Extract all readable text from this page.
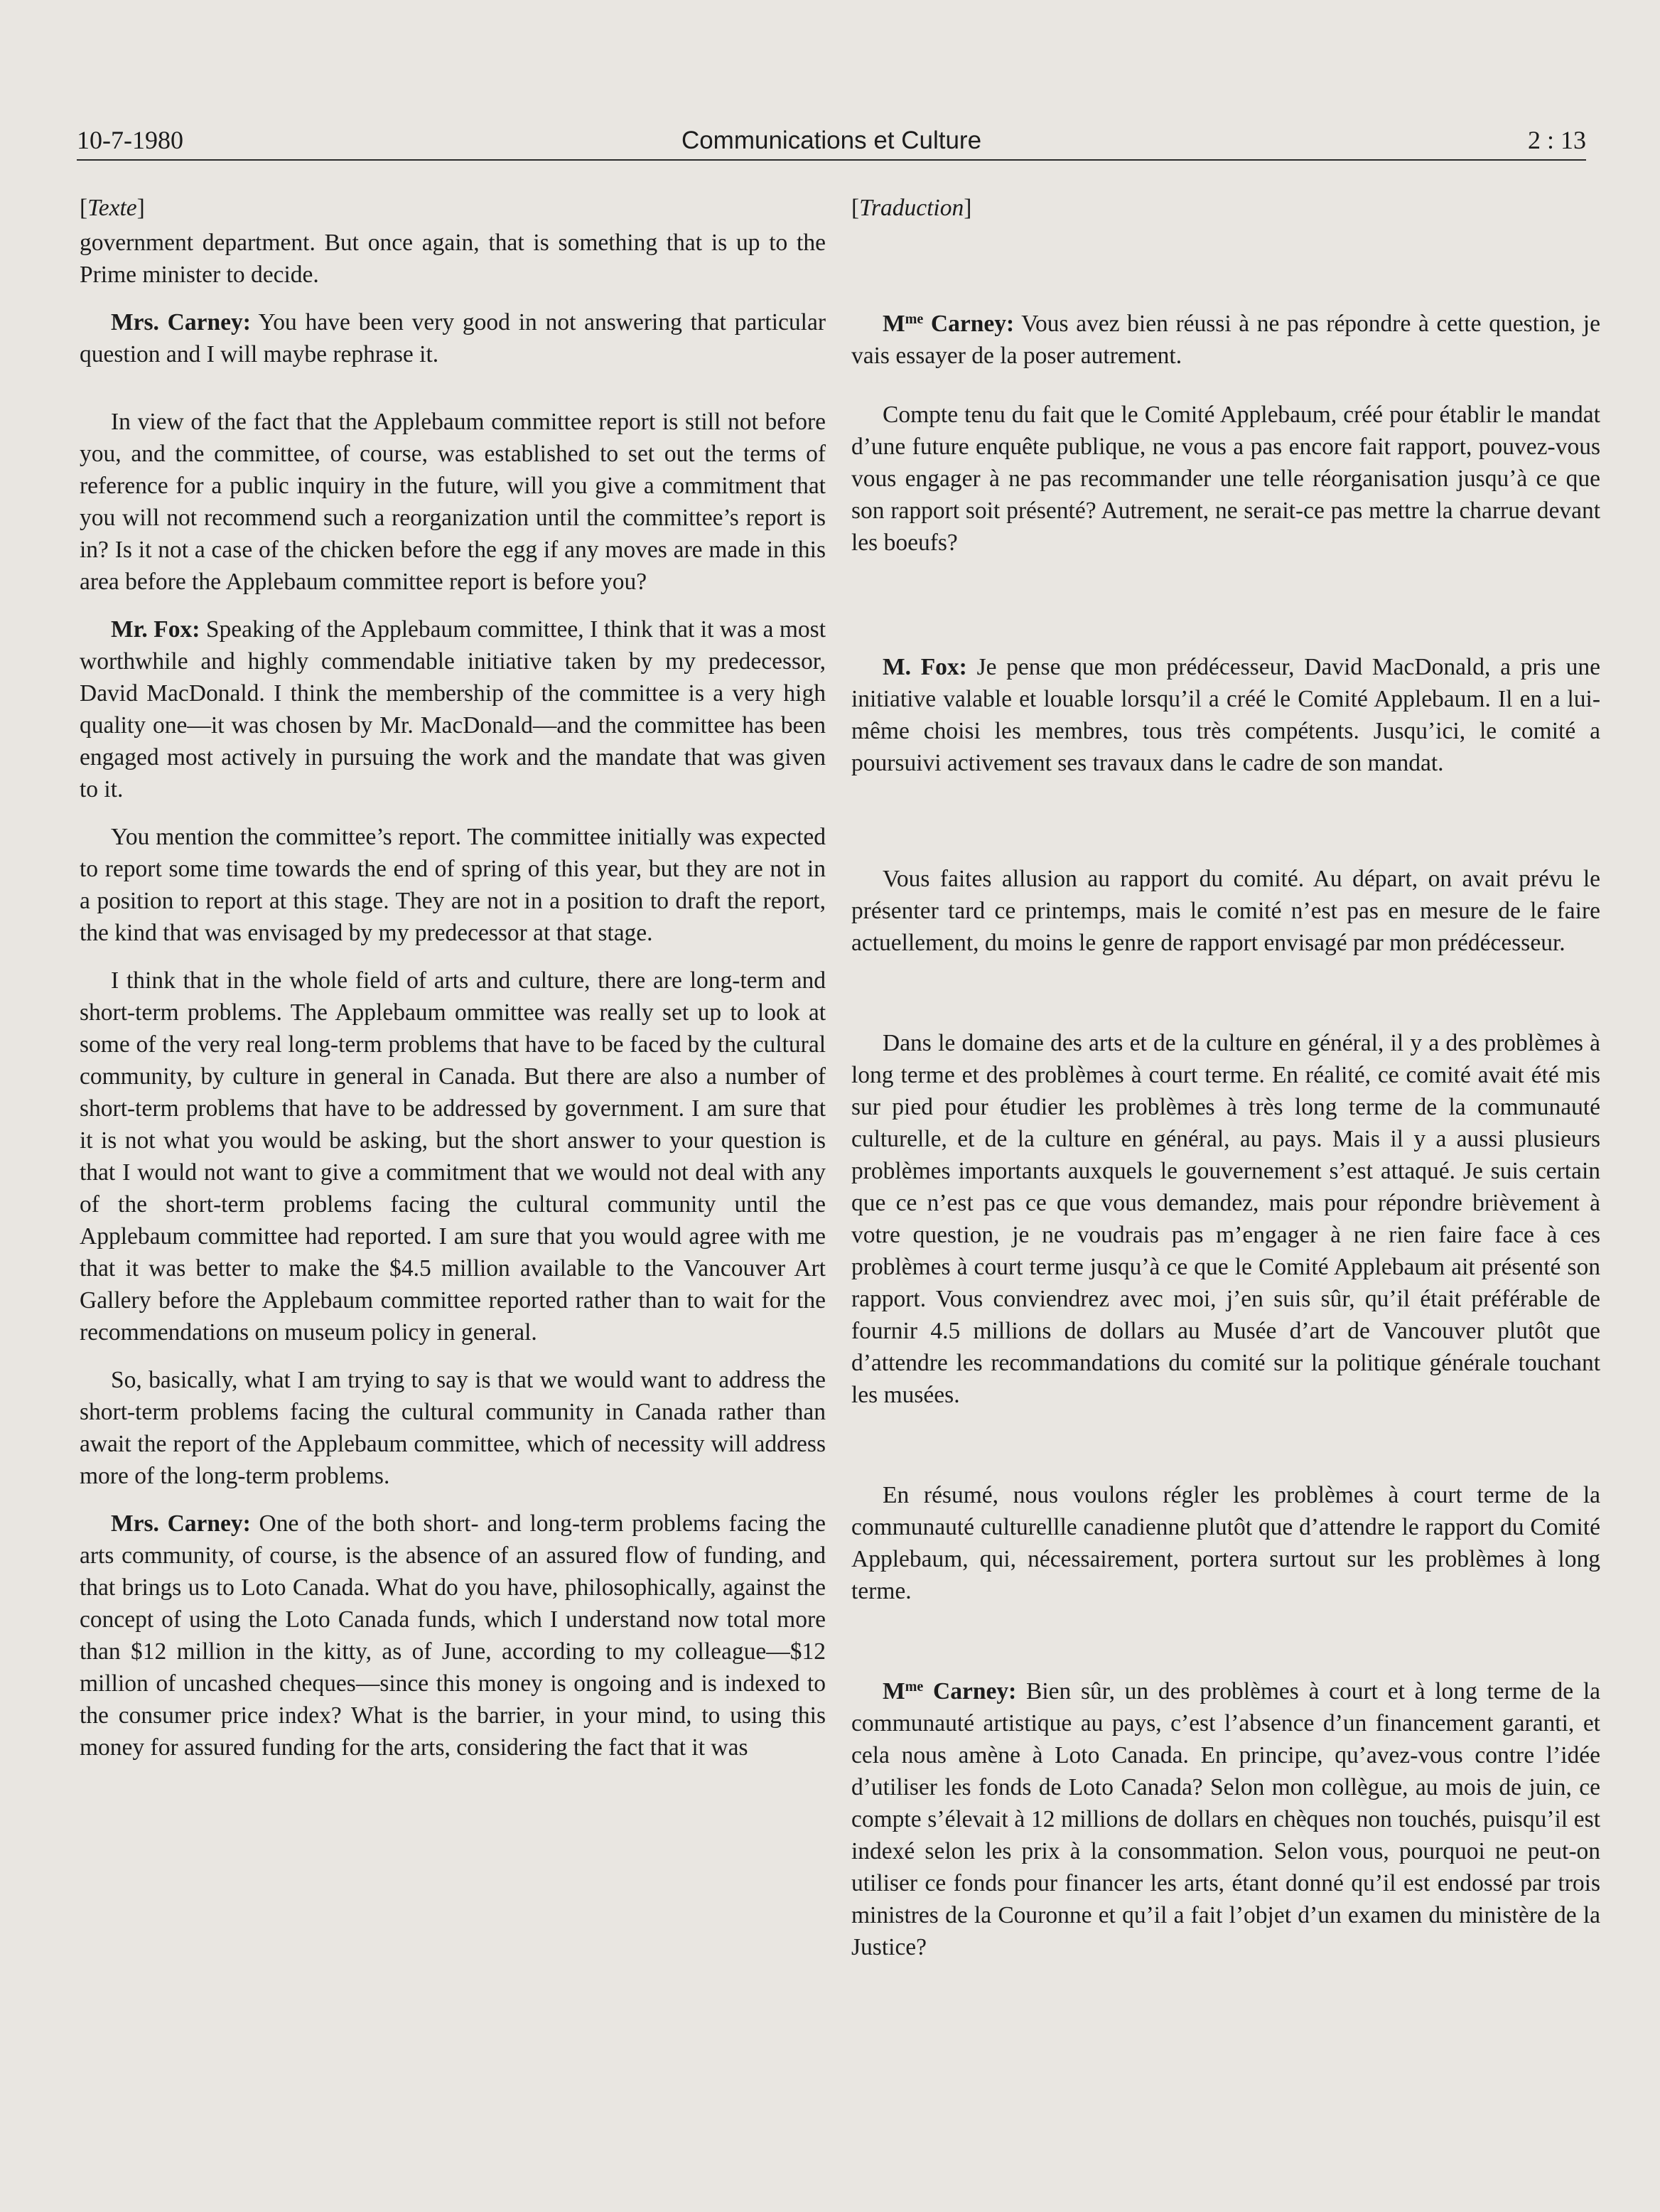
10-7-1980	Communications et Culture	2 : 13

[Texte]

government department. But once again, that is something that is up to the Prime minister to decide.

Mrs. Carney: You have been very good in not answering that particular question and I will maybe rephrase it.

In view of the fact that the Applebaum committee report is still not before you, and the committee, of course, was established to set out the terms of reference for a public inquiry in the future, will you give a commitment that you will not recommend such a reorganization until the committee’s report is in? Is it not a case of the chicken before the egg if any moves are made in this area before the Applebaum committee report is before you?

Mr. Fox: Speaking of the Applebaum committee, I think that it was a most worthwhile and highly commendable initiative taken by my predecessor, David MacDonald. I think the membership of the committee is a very high quality one—it was chosen by Mr. MacDonald—and the committee has been engaged most actively in pursuing the work and the mandate that was given to it.

You mention the committee’s report. The committee initially was expected to report some time towards the end of spring of this year, but they are not in a position to report at this stage. They are not in a position to draft the report, the kind that was envisaged by my predecessor at that stage.

I think that in the whole field of arts and culture, there are long-term and short-term problems. The Applebaum ommittee was really set up to look at some of the very real long-term problems that have to be faced by the cultural community, by culture in general in Canada. But there are also a number of short-term problems that have to be addressed by government. I am sure that it is not what you would be asking, but the short answer to your question is that I would not want to give a commitment that we would not deal with any of the short-term problems facing the cultural community until the Applebaum committee had reported. I am sure that you would agree with me that it was better to make the $4.5 million available to the Vancouver Art Gallery before the Applebaum committee reported rather than to wait for the recommendations on museum policy in general.

So, basically, what I am trying to say is that we would want to address the short-term problems facing the cultural community in Canada rather than await the report of the Applebaum committee, which of necessity will address more of the long-term problems.

Mrs. Carney: One of the both short- and long-term problems facing the arts community, of course, is the absence of an assured flow of funding, and that brings us to Loto Canada. What do you have, philosophically, against the concept of using the Loto Canada funds, which I understand now total more than $12 million in the kitty, as of June, according to my colleague—$12 million of uncashed cheques—since this money is ongoing and is indexed to the consumer price index? What is the barrier, in your mind, to using this money for assured funding for the arts, considering the fact that it was

[Traduction]

$M^{me}$ Carney: Vous avez bien réussi à ne pas répondre à cette question, je vais essayer de la poser autrement.

Compte tenu du fait que le Comité Applebaum, créé pour établir le mandat d’une future enquête publique, ne vous a pas encore fait rapport, pouvez-vous vous engager à ne pas recommander une telle réorganisation jusqu’à ce que son rapport soit présenté? Autrement, ne serait-ce pas mettre la charrue devant les boeufs?

M. Fox: Je pense que mon prédécesseur, David MacDonald, a pris une initiative valable et louable lorsqu’il a créé le Comité Applebaum. Il en a lui-même choisi les membres, tous très compétents. Jusqu’ici, le comité a poursuivi activement ses travaux dans le cadre de son mandat.

Vous faites allusion au rapport du comité. Au départ, on avait prévu le présenter tard ce printemps, mais le comité n’est pas en mesure de le faire actuellement, du moins le genre de rapport envisagé par mon prédécesseur.

Dans le domaine des arts et de la culture en général, il y a des problèmes à long terme et des problèmes à court terme. En réalité, ce comité avait été mis sur pied pour étudier les problèmes à très long terme de la communauté culturelle, et de la culture en général, au pays. Mais il y a aussi plusieurs problèmes importants auxquels le gouvernement s’est attaqué. Je suis certain que ce n’est pas ce que vous demandez, mais pour répondre brièvement à votre question, je ne voudrais pas m’engager à ne rien faire face à ces problèmes à court terme jusqu’à ce que le Comité Applebaum ait présenté son rapport. Vous conviendrez avec moi, j’en suis sûr, qu’il était préférable de fournir 4.5 millions de dollars au Musée d’art de Vancouver plutôt que d’attendre les recommandations du comité sur la politique générale touchant les musées.

En résumé, nous voulons régler les problèmes à court terme de la communauté culturellle canadienne plutôt que d’attendre le rapport du Comité Applebaum, qui, nécessairement, portera surtout sur les problèmes à long terme.

$M^{me}$ Carney: Bien sûr, un des problèmes à court et à long terme de la communauté artistique au pays, c’est l’absence d’un financement garanti, et cela nous amène à Loto Canada. En principe, qu’avez-vous contre l’idée d’utiliser les fonds de Loto Canada? Selon mon collègue, au mois de juin, ce compte s’élevait à 12 millions de dollars en chèques non touchés, puisqu’il est indexé selon les prix à la consommation. Selon vous, pourquoi ne peut-on utiliser ce fonds pour financer les arts, étant donné qu’il est endossé par trois ministres de la Couronne et qu’il a fait l’objet d’un examen du ministère de la Justice?
